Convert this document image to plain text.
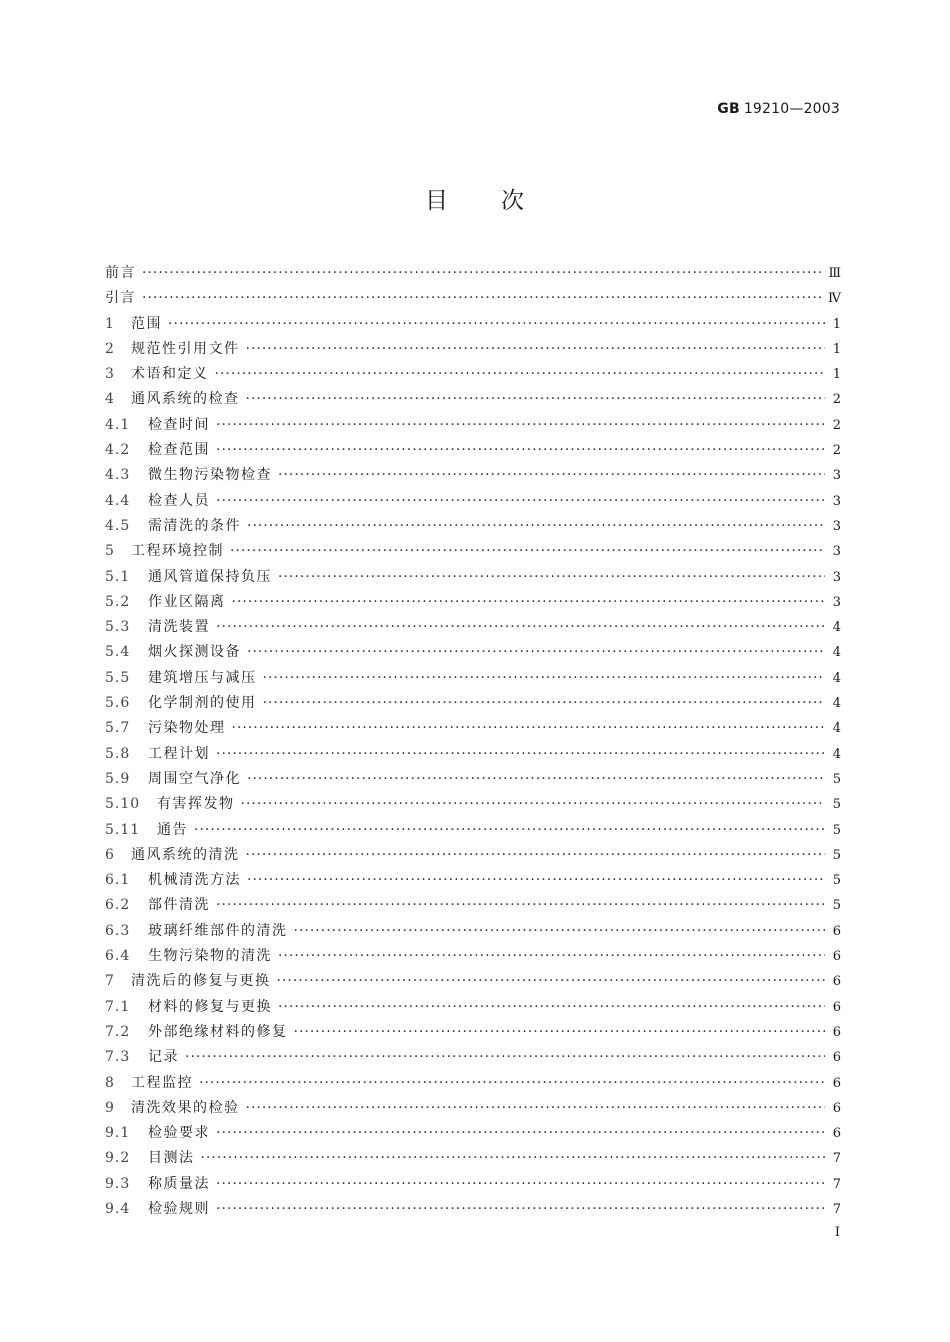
GB 19210—2003
目 次
前言 ·····	Ⅲ
引言 ·····	Ⅳ
1	范围 ·····	1
2	规范性引用文件 ·····	1
3	术语和定义 ·····	1
4	通风系统的检查 ·····	2
4.1	检查时间 ·····	2
4.2	检查范围 ·····	2
4.3	微生物污染物检查 ·····	3
4.4	检查人员 ·····	3
4.5	需清洗的条件 ·····	3
5	工程环境控制 ·····	3
5.1	通风管道保持负压 ·····	3
5.2	作业区隔离 ·····	3
5.3	清洗装置 ·····	4
5.4	烟火探测设备 ·····	4
5.5	建筑增压与减压 ·····	4
5.6	化学制剂的使用 ·····	4
5.7	污染物处理 ·····	4
5.8	工程计划 ·····	4
5.9	周围空气净化 ·····	5
5.10	有害挥发物 ·····	5
5.11	通告 ·····	5
6	通风系统的清洗 ·····	5
6.1	机械清洗方法 ·····	5
6.2	部件清洗 ·····	5
6.3	玻璃纤维部件的清洗 ·····	6
6.4	生物污染物的清洗 ·····	6
7	清洗后的修复与更换 ·····	6
7.1	材料的修复与更换 ·····	6
7.2	外部绝缘材料的修复 ·····	6
7.3	记录 ·····	6
8	工程监控 ·····	6
9	清洗效果的检验 ·····	6
9.1	检验要求 ·····	6
9.2	目测法 ·····	7
9.3	称质量法 ·····	7
9.4	检验规则 ·····	7
Ⅰ
